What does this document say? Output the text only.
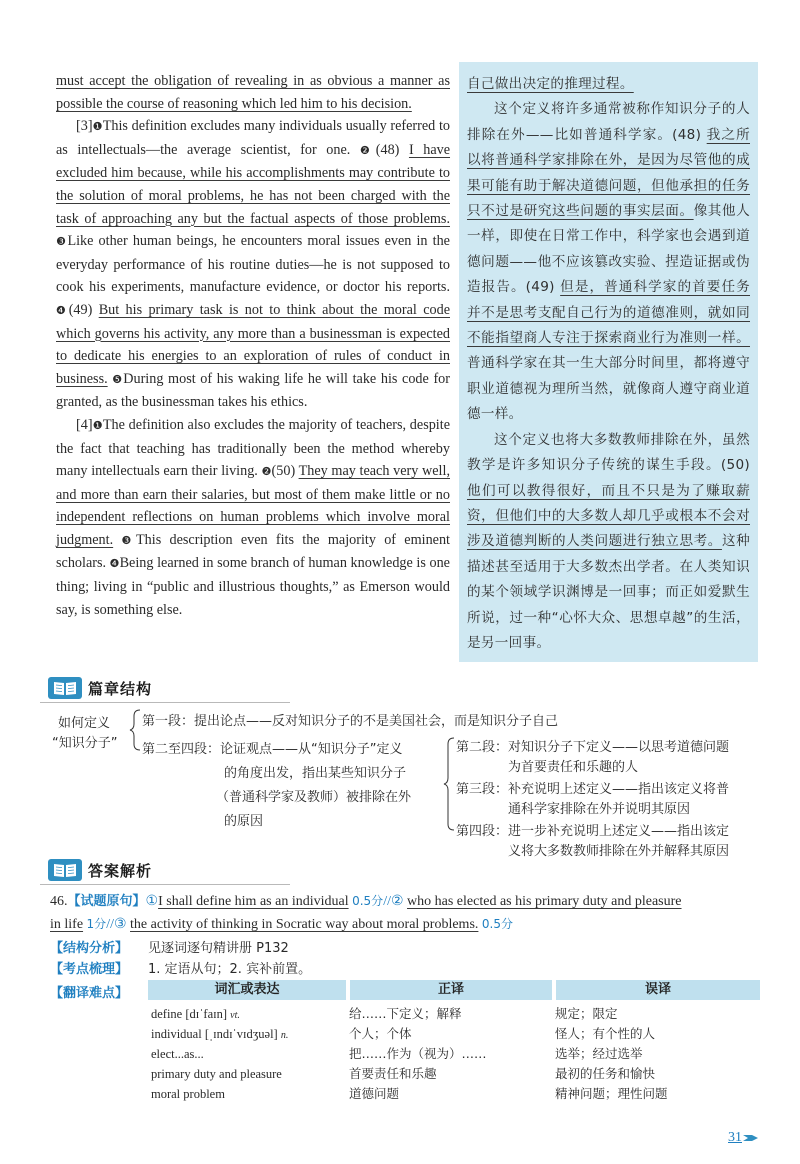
must accept the obligation of revealing in as obvious a manner as possible the course of reasoning which led him to his decision.

[3]❶This definition excludes many individuals usually referred to as intellectuals—the average scientist, for one. ❷(48) I have excluded him because, while his accomplishments may contribute to the solution of moral problems, he has not been charged with the task of approaching any but the factual aspects of those problems. ❸Like other human beings, he encounters moral issues even in the everyday performance of his routine duties—he is not supposed to cook his experiments, manufacture evidence, or doctor his reports. ❹(49) But his primary task is not to think about the moral code which governs his activity, any more than a businessman is expected to dedicate his energies to an exploration of rules of conduct in business. ❺During most of his waking life he will take his code for granted, as the businessman takes his ethics.

[4]❶The definition also excludes the majority of teachers, despite the fact that teaching has traditionally been the method whereby many intellectuals earn their living. ❷(50) They may teach very well, and more than earn their salaries, but most of them make little or no independent reflections on human problems which involve moral judgment. ❸This description even fits the majority of eminent scholars. ❹Being learned in some branch of human knowledge is one thing; living in “public and illustrious thoughts,” as Emerson would say, is something else.

自己做出决定的推理过程。

这个定义将许多通常被称作知识分子的人排除在外——比如普通科学家。(48) 我之所以将普通科学家排除在外，是因为尽管他的成果可能有助于解决道德问题，但他承担的任务只不过是研究这些问题的事实层面。像其他人一样，即使在日常工作中，科学家也会遇到道德问题——他不应该篡改实验、捏造证据或伪造报告。(49) 但是，普通科学家的首要任务并不是思考支配自己行为的道德准则，就如同不能指望商人专注于探索商业行为准则一样。普通科学家在其一生大部分时间里，都将遵守职业道德视为理所当然，就像商人遵守商业道德一样。

这个定义也将大多数教师排除在外，虽然教学是许多知识分子传统的谋生手段。(50) 他们可以教得很好，而且不只是为了赚取薪资，但他们中的大多数人却几乎或根本不会对涉及道德判断的人类问题进行独立思考。这种描述甚至适用于大多数杰出学者。在人类知识的某个领域学识渊博是一回事；而正如爱默生所说，过一种“心怀大众、思想卓越”的生活，是另一回事。

篇章结构
如何定义
“知识分子”
第一段：提出论点——反对知识分子的不是美国社会，而是知识分子自己
第二至四段：论证观点——从“知识分子”定义
的角度出发，指出某些知识分子
（普通科学家及教师）被排除在外
的原因
第二段：对知识分子下定义——以思考道德问题
为首要责任和乐趣的人
第三段：补充说明上述定义——指出该定义将普
通科学家排除在外并说明其原因
第四段：进一步补充说明上述定义——指出该定
义将大多数教师排除在外并解释其原因
答案解析
46.【试题原句】①I shall define him as an individual 0.5分//② who has elected as his primary duty and pleasure
in life 1分//③ the activity of thinking in Socratic way about moral problems. 0.5分
【结构分析】 见逐词逐句精讲册 P132
【考点梳理】 1. 定语从句；2. 宾补前置。
【翻译难点】	词汇或表达	正译	误译
define [dɪˈfaɪn] vt.	给……下定义；解释	规定；限定
individual [ˌɪndɪˈvɪdʒuəl] n.	个人；个体	怪人；有个性的人
elect...as...	把……作为（视为）……	选举；经过选举
primary duty and pleasure	首要责任和乐趣	最初的任务和愉快
moral problem	道德问题	精神问题；理性问题
31
